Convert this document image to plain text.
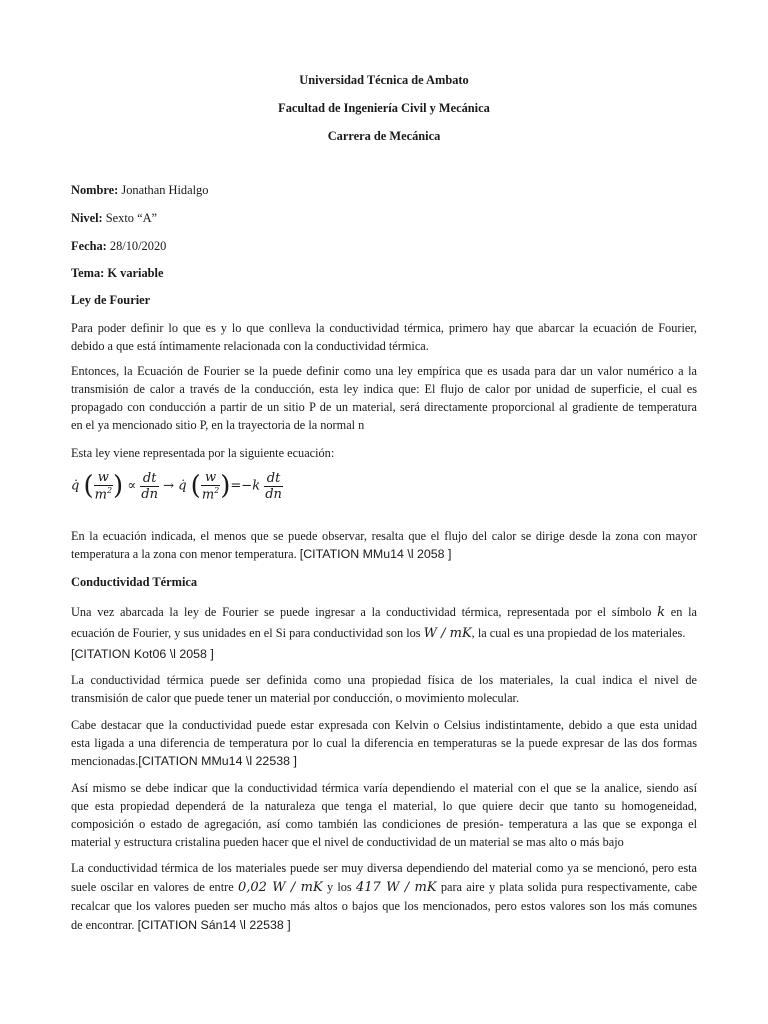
Universidad Técnica de Ambato
Facultad de Ingeniería Civil y Mecánica
Carrera de Mecánica
Nombre: Jonathan Hidalgo
Nivel: Sexto “A”
Fecha: 28/10/2020
Tema: K variable
Ley de Fourier
Para poder definir lo que es y lo que conlleva la conductividad térmica, primero hay que abarcar la ecuación de Fourier,
debido a que está íntimamente relacionada con la conductividad térmica.
Entonces, la Ecuación de Fourier se la puede definir como una ley empírica que es usada para dar un valor numérico a la
transmisión de calor a través de la conducción, esta ley indica que: El flujo de calor por unidad de superficie, el cual es
propagado con conducción a partir de un sitio P de un material, será directamente proporcional al gradiente de temperatura
en el ya mencionado sitio P, en la trayectoria de la normal n
Esta ley viene representada por la siguiente ecuación:
q̇ ( $\frac{w}{m^2}$ ) ∝ $\frac{dt}{dn}$ → q̇ ( $\frac{w}{m^2} )=-k \frac{dt}{dn}$
En la ecuación indicada, el menos que se puede observar, resalta que el flujo del calor se dirige desde la zona con mayor
temperatura a la zona con menor temperatura. [CITATION MMu14 \l 2058 ]
Conductividad Térmica
Una vez abarcada la ley de Fourier se puede ingresar a la conductividad térmica, representada por el símbolo k en la
ecuación de Fourier, y sus unidades en el Si para conductividad son los W / mK, la cual es una propiedad de los materiales.
[CITATION Kot06 \l 2058 ]
La conductividad térmica puede ser definida como una propiedad física de los materiales, la cual indica el nivel de
transmisión de calor que puede tener un material por conducción, o movimiento molecular.
Cabe destacar que la conductividad puede estar expresada con Kelvin o Celsius indistintamente, debido a que esta unidad
esta ligada a una diferencia de temperatura por lo cual la diferencia en temperaturas se la puede expresar de las dos formas
mencionadas.[CITATION MMu14 \l 22538 ]
Así mismo se debe indicar que la conductividad térmica varía dependiendo el material con el que se la analice, siendo así
que esta propiedad dependerá de la naturaleza que tenga el material, lo que quiere decir que tanto su homogeneidad,
composición o estado de agregación, así como también las condiciones de presión- temperatura a las que se exponga el
material y estructura cristalina pueden hacer que el nivel de conductividad de un material se mas alto o más bajo
La conductividad térmica de los materiales puede ser muy diversa dependiendo del material como ya se mencionó, pero esta
suele oscilar en valores de entre 0,02 W / mK y los 417 W / mK para aire y plata solida pura respectivamente, cabe
recalcar que los valores pueden ser mucho más altos o bajos que los mencionados, pero estos valores son los más comunes
de encontrar. [CITATION Sán14 \l 22538 ]
